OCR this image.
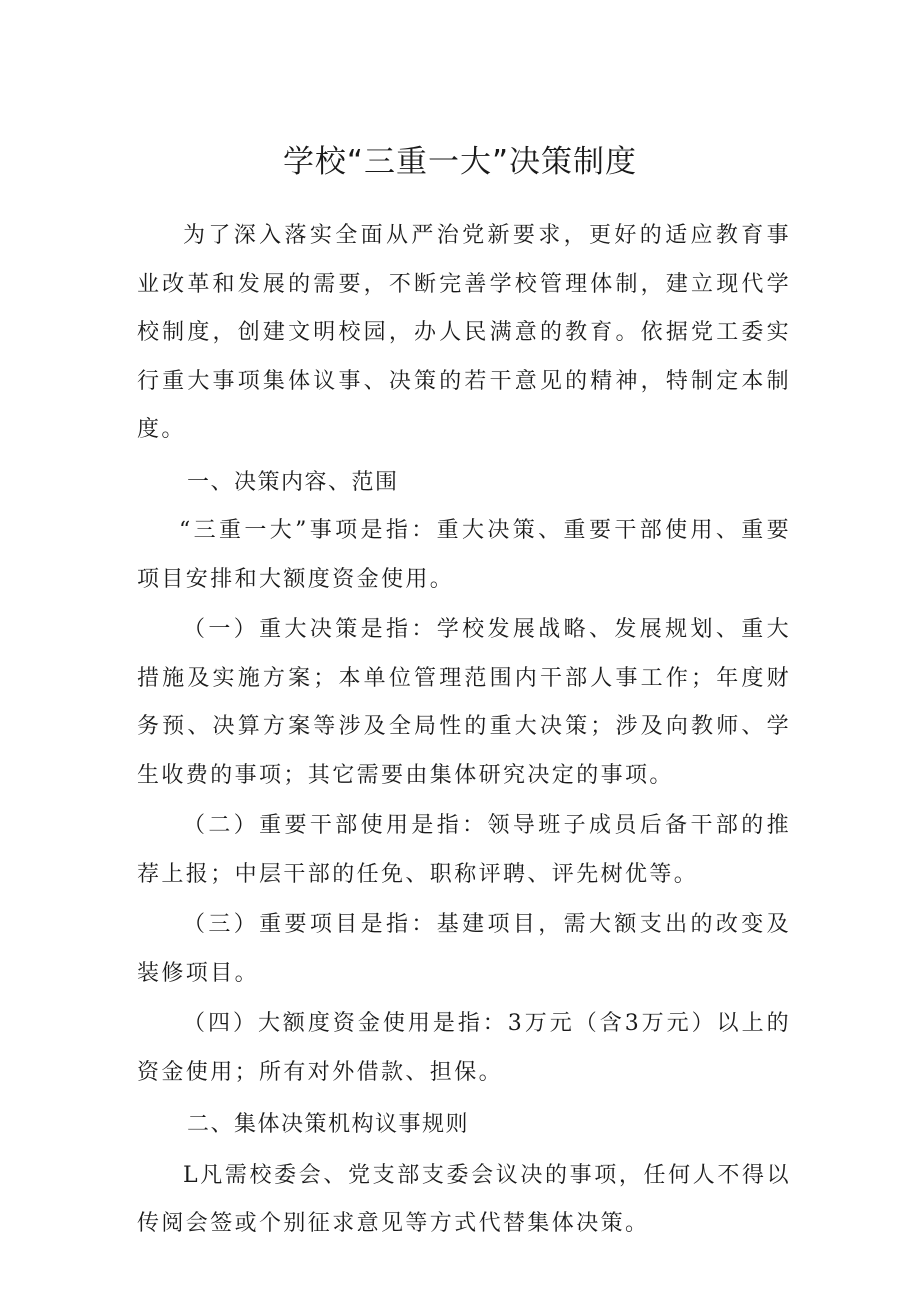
学校“三重一大”决策制度

为了深入落实全面从严治党新要求，更好的适应教育事业改革和发展的需要，不断完善学校管理体制，建立现代学校制度，创建文明校园，办人民满意的教育。依据党工委实行重大事项集体议事、决策的若干意见的精神，特制定本制度。

一、决策内容、范围

“三重一大”事项是指：重大决策、重要干部使用、重要项目安排和大额度资金使用。

（一）重大决策是指：学校发展战略、发展规划、重大措施及实施方案；本单位管理范围内干部人事工作；年度财务预、决算方案等涉及全局性的重大决策；涉及向教师、学生收费的事项；其它需要由集体研究决定的事项。

（二）重要干部使用是指：领导班子成员后备干部的推荐上报；中层干部的任免、职称评聘、评先树优等。

（三）重要项目是指：基建项目，需大额支出的改变及装修项目。

（四）大额度资金使用是指：3万元（含3万元）以上的资金使用；所有对外借款、担保。

二、集体决策机构议事规则

L凡需校委会、党支部支委会议决的事项，任何人不得以传阅会签或个别征求意见等方式代替集体决策。
